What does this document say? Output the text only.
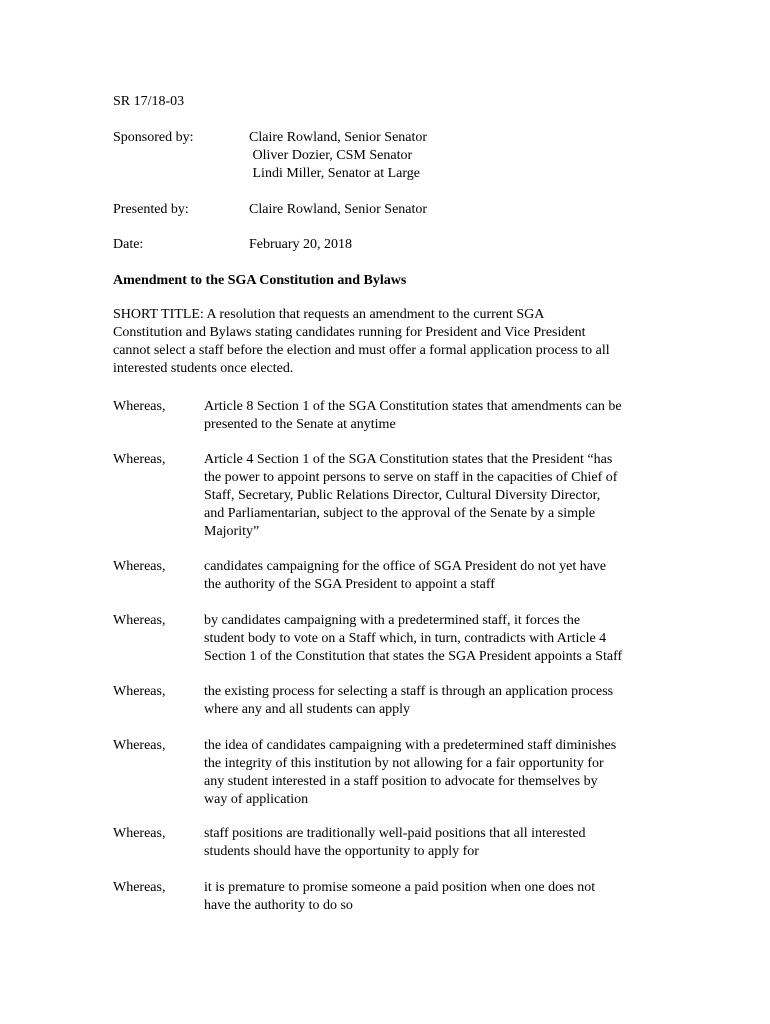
SR 17/18-03
Sponsored by:	Claire Rowland, Senior Senator
Oliver Dozier, CSM Senator
Lindi Miller, Senator at Large
Presented by:	Claire Rowland, Senior Senator
Date:	February 20, 2018
Amendment to the SGA Constitution and Bylaws
SHORT TITLE: A resolution that requests an amendment to the current SGA
Constitution and Bylaws stating candidates running for President and Vice President
cannot select a staff before the election and must offer a formal application process to all
interested students once elected.
Whereas,	Article 8 Section 1 of the SGA Constitution states that amendments can be
presented to the Senate at anytime
Whereas,	Article 4 Section 1 of the SGA Constitution states that the President “has
the power to appoint persons to serve on staff in the capacities of Chief of
Staff, Secretary, Public Relations Director, Cultural Diversity Director,
and Parliamentarian, subject to the approval of the Senate by a simple
Majority”
Whereas,	candidates campaigning for the office of SGA President do not yet have
the authority of the SGA President to appoint a staff
Whereas,	by candidates campaigning with a predetermined staff, it forces the
student body to vote on a Staff which, in turn, contradicts with Article 4
Section 1 of the Constitution that states the SGA President appoints a Staff
Whereas,	the existing process for selecting a staff is through an application process
where any and all students can apply
Whereas,	the idea of candidates campaigning with a predetermined staff diminishes
the integrity of this institution by not allowing for a fair opportunity for
any student interested in a staff position to advocate for themselves by
way of application
Whereas,	staff positions are traditionally well-paid positions that all interested
students should have the opportunity to apply for
Whereas,	it is premature to promise someone a paid position when one does not
have the authority to do so
